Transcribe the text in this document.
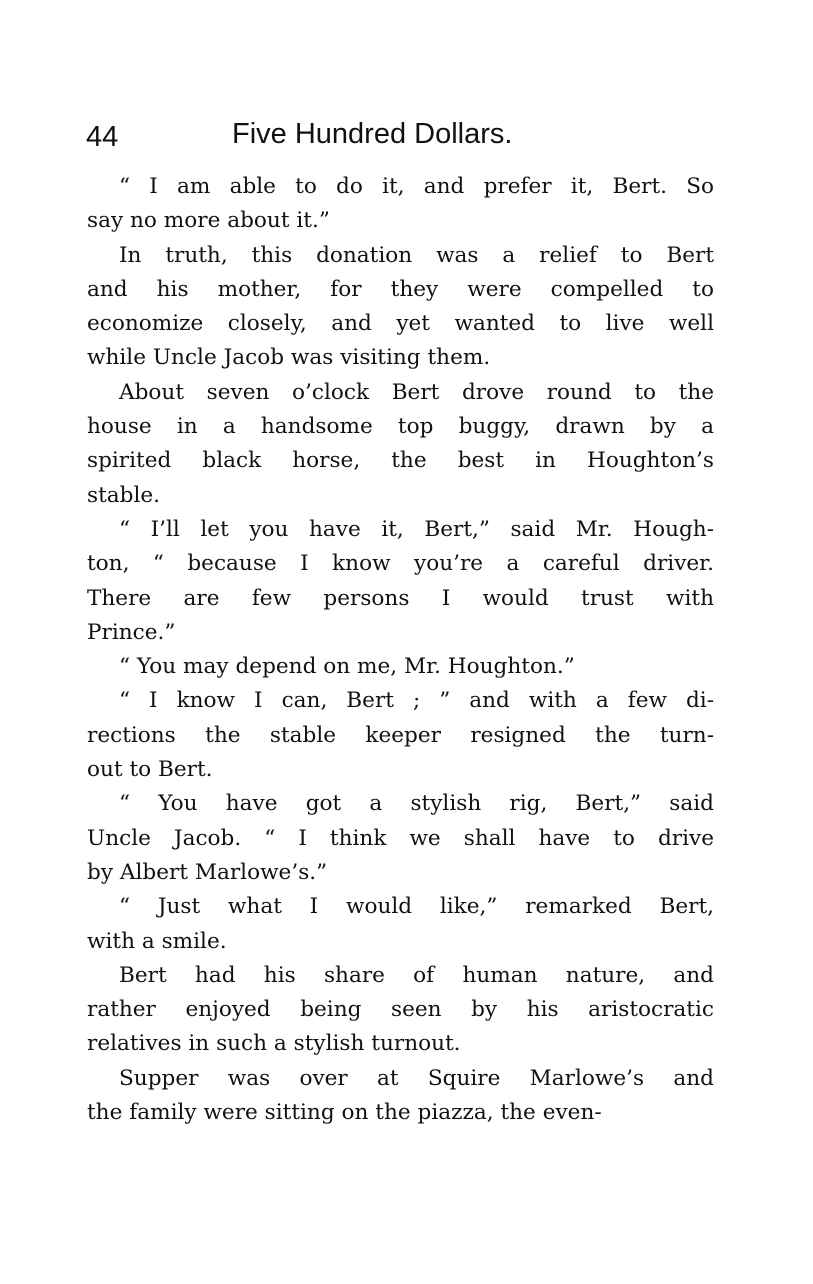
44	Five Hundred Dollars.
“ I am able to do it, and prefer it, Bert. So
say no more about it.”
In truth, this donation was a relief to Bert
and his mother, for they were compelled to
economize closely, and yet wanted to live well
while Uncle Jacob was visiting them.
About seven o’clock Bert drove round to the
house in a handsome top buggy, drawn by a
spirited black horse, the best in Houghton’s
stable.
“ I’ll let you have it, Bert,” said Mr. Hough-
ton, “ because I know you’re a careful driver.
There are few persons I would trust with
Prince.”
“ You may depend on me, Mr. Houghton.”
“ I know I can, Bert ; ” and with a few di-
rections the stable keeper resigned the turn-
out to Bert.
“ You have got a stylish rig, Bert,” said
Uncle Jacob. “ I think we shall have to drive
by Albert Marlowe’s.”
“ Just what I would like,” remarked Bert,
with a smile.
Bert had his share of human nature, and
rather enjoyed being seen by his aristocratic
relatives in such a stylish turnout.
Supper was over at Squire Marlowe’s and
the family were sitting on the piazza, the even-
